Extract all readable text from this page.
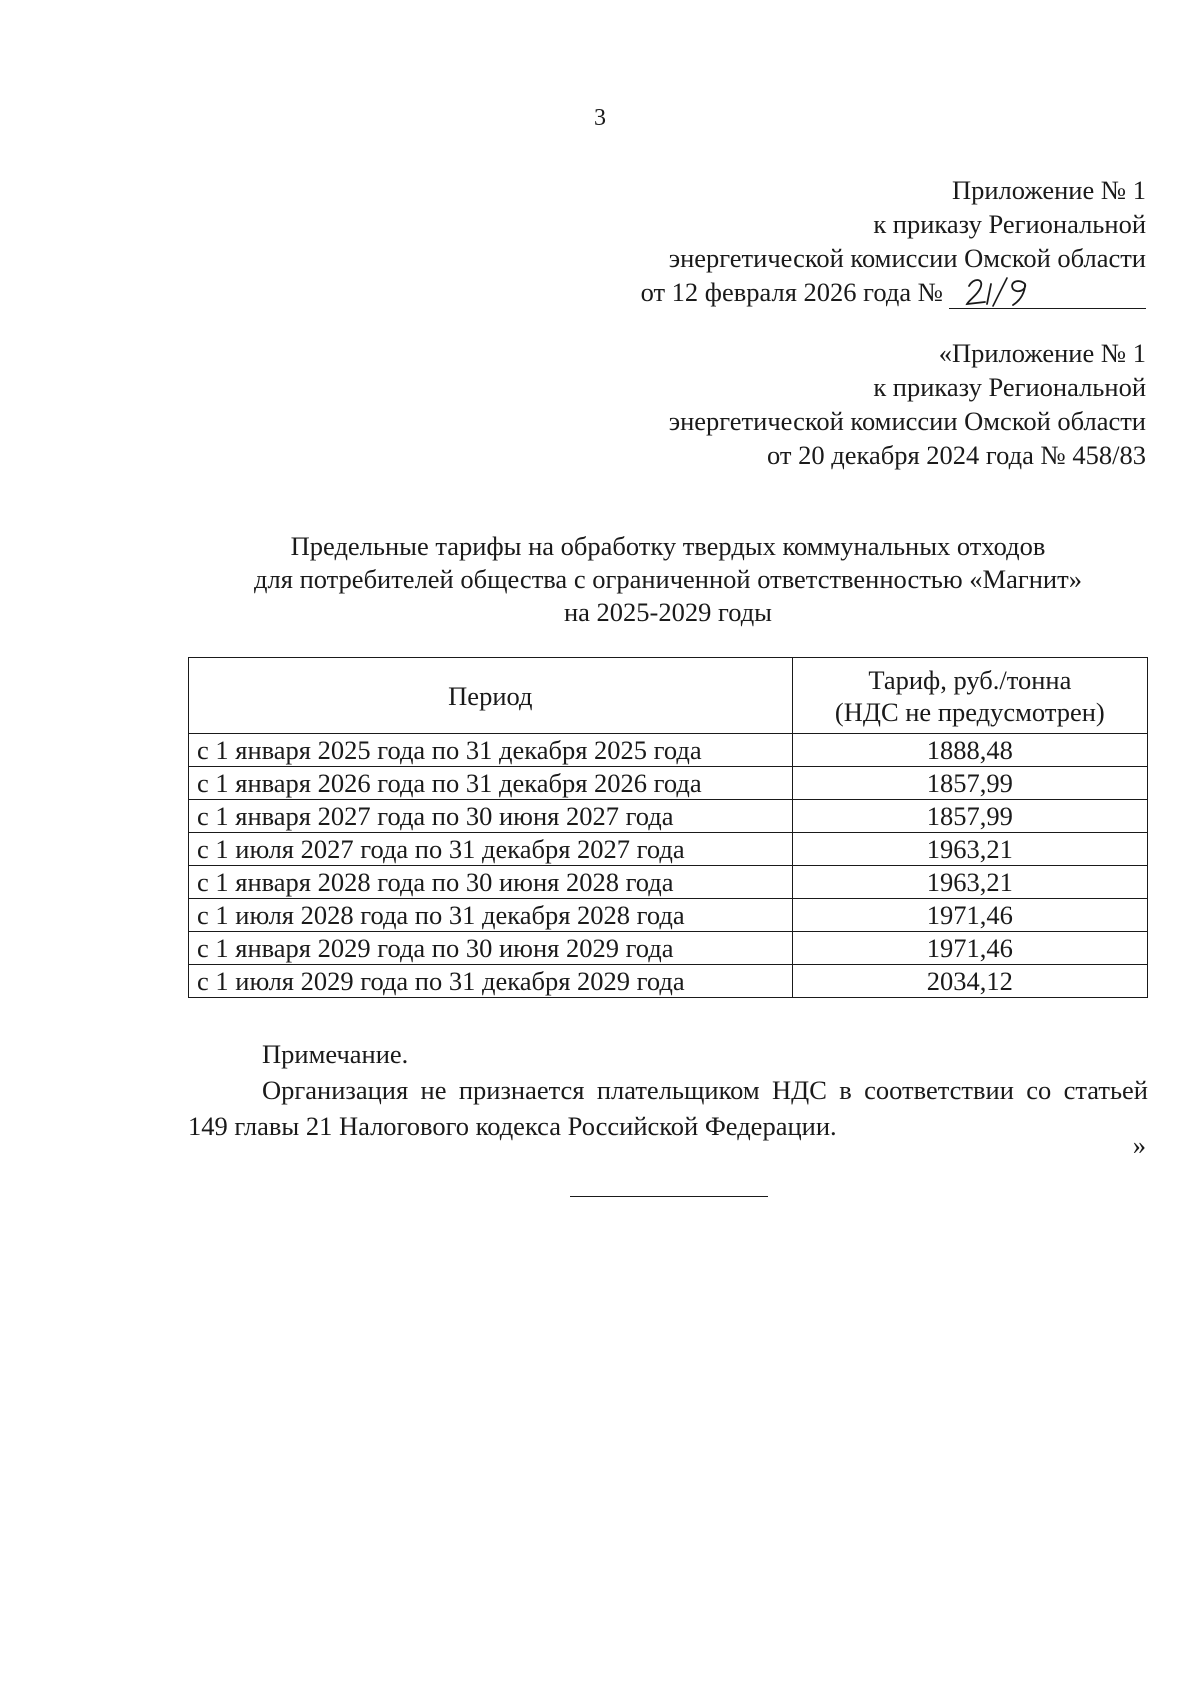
3
Приложение № 1
к приказу Региональной
энергетической комиссии Омской области
от 12 февраля 2026 года №
«Приложение № 1
к приказу Региональной
энергетической комиссии Омской области
от 20 декабря 2024 года № 458/83
Предельные тарифы на обработку твердых коммунальных отходов
для потребителей общества с ограниченной ответственностью «Магнит»
на 2025-2029 годы
Период	Тариф, руб./тонна
(НДС не предусмотрен)

с 1 января 2025 года по 31 декабря 2025 года	1888,48
с 1 января 2026 года по 31 декабря 2026 года	1857,99
с 1 января 2027 года по 30 июня 2027 года	1857,99
с 1 июля 2027 года по 31 декабря 2027 года	1963,21
с 1 января 2028 года по 30 июня 2028 года	1963,21
с 1 июля 2028 года по 31 декабря 2028 года	1971,46
с 1 января 2029 года по 30 июня 2029 года	1971,46
с 1 июля 2029 года по 31 декабря 2029 года	2034,12
Примечание.
Организация не признается плательщиком НДС в соответствии со статьей 149 главы 21 Налогового кодекса Российской Федерации.
»
